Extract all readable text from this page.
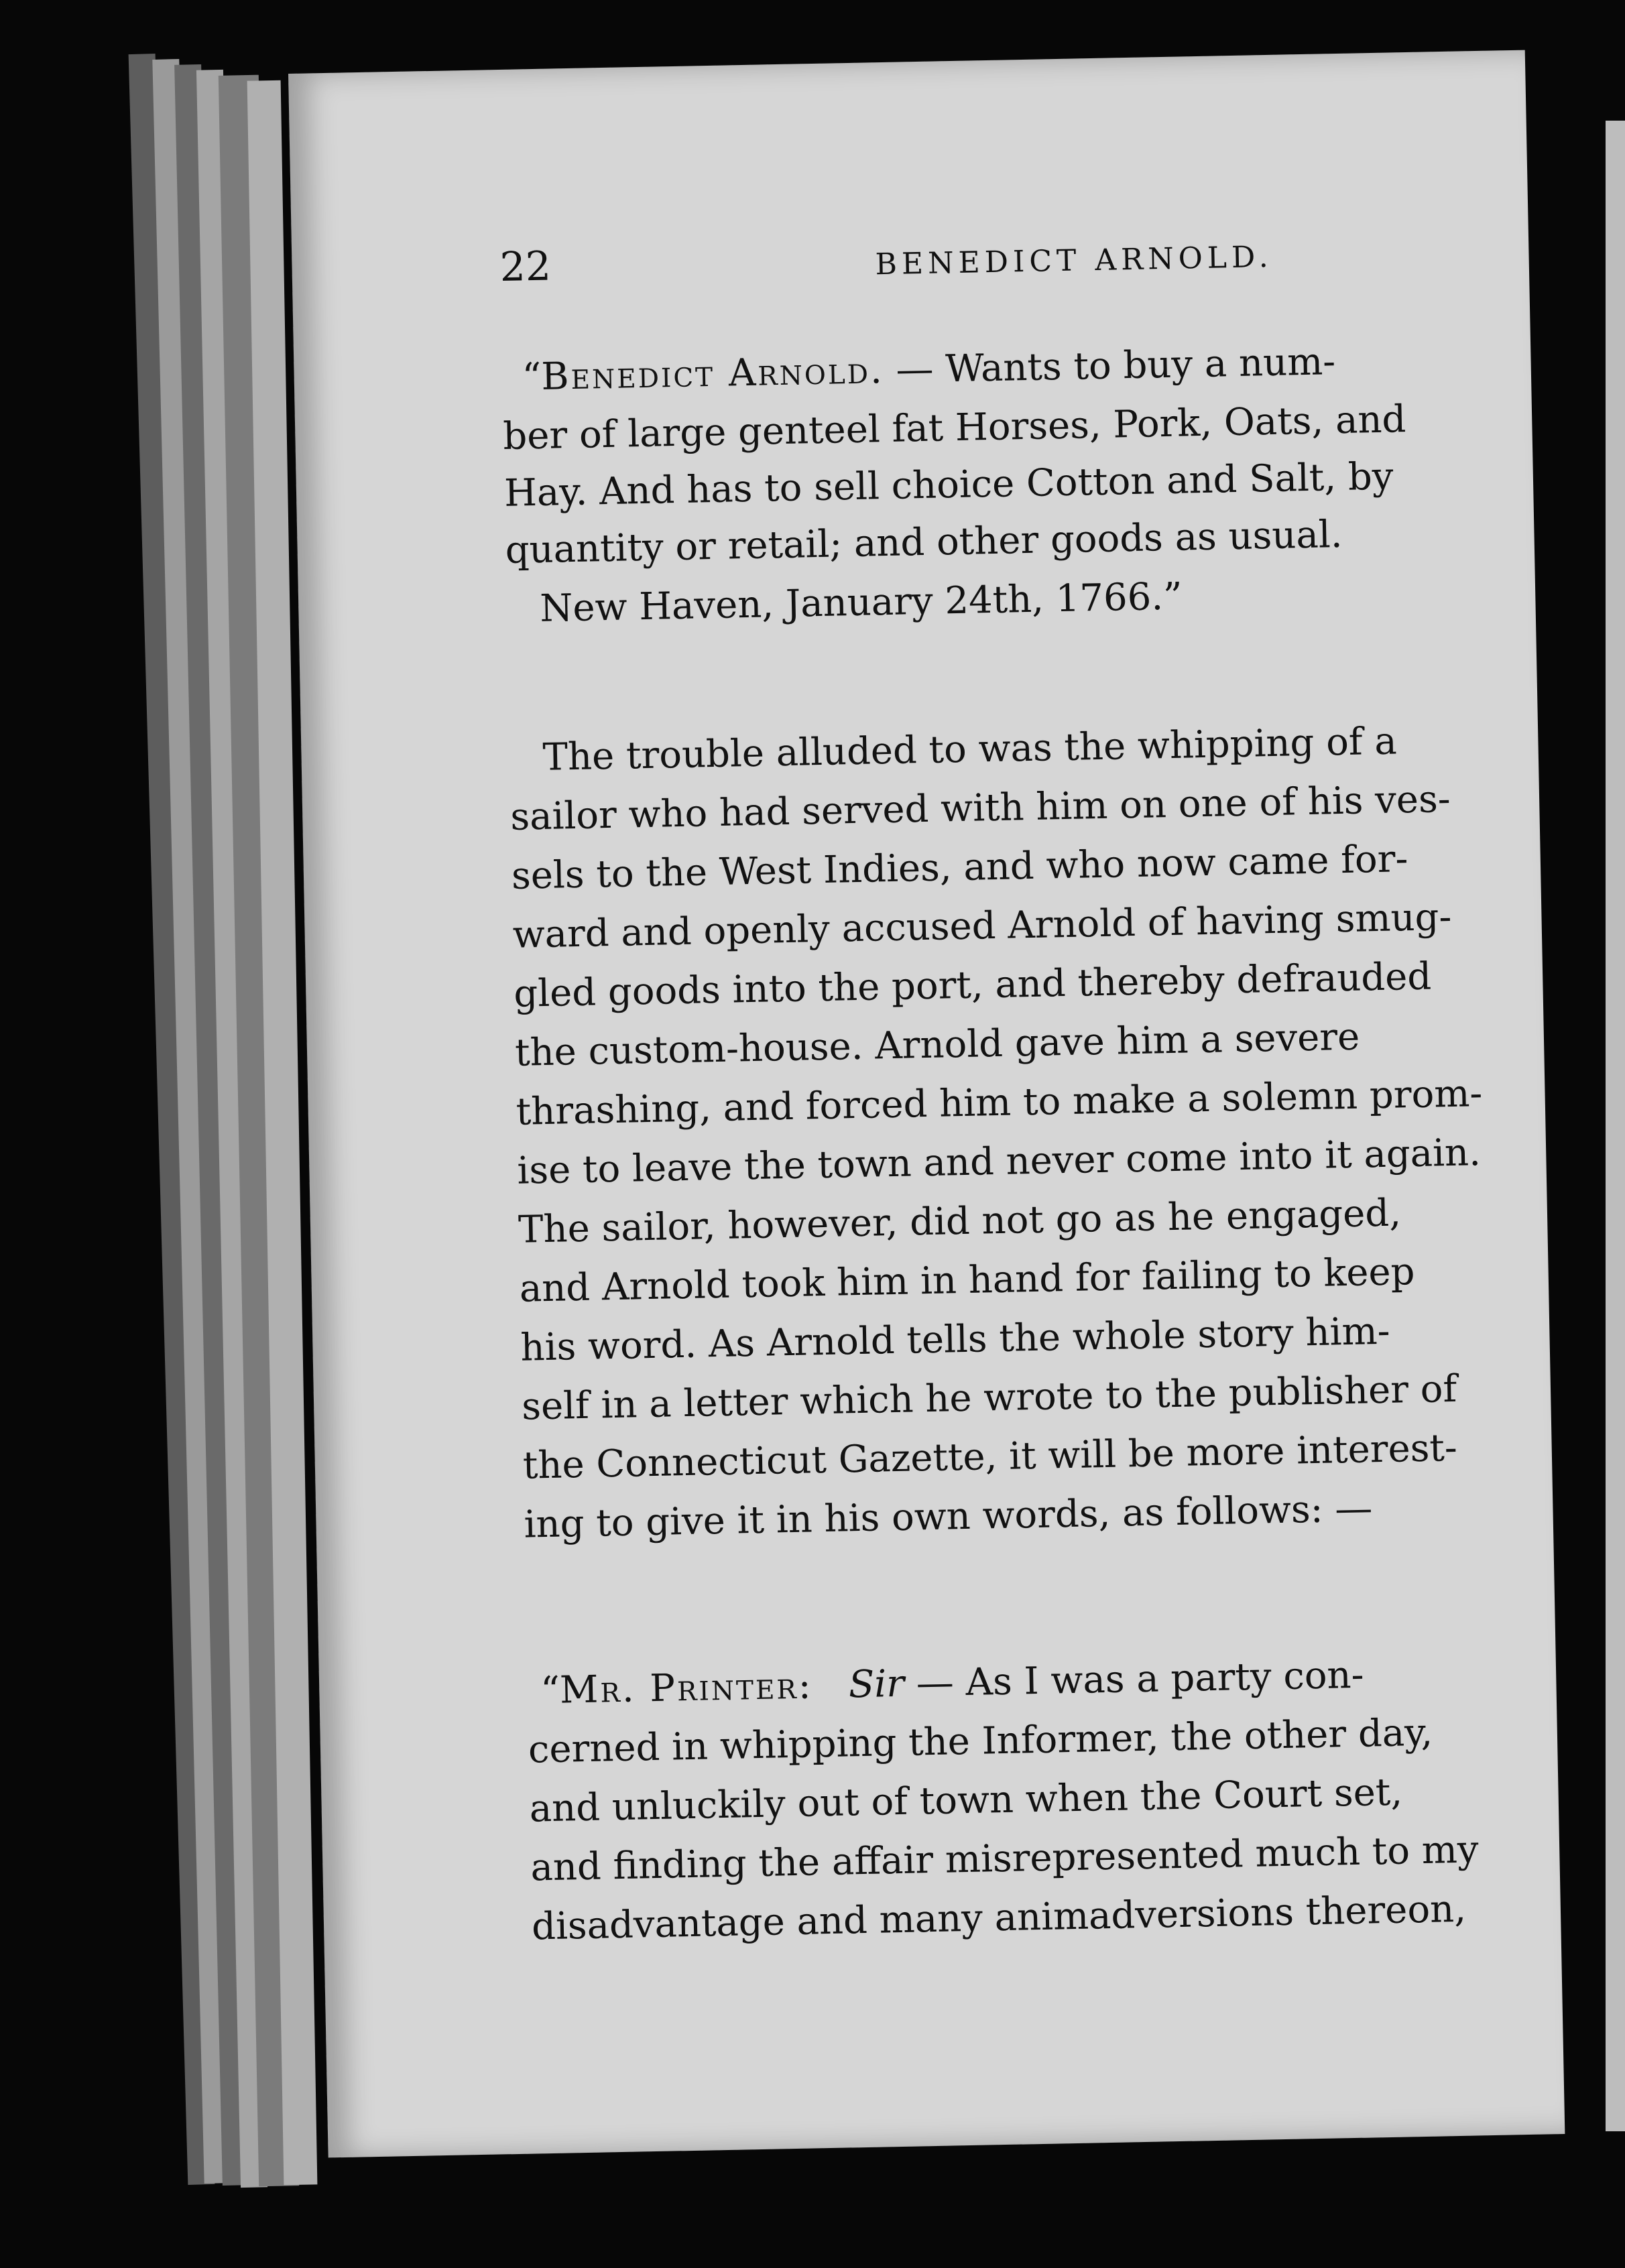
22	BENEDICT ARNOLD.
“Benedict Arnold. — Wants to buy a num-
ber of large genteel fat Horses, Pork, Oats, and
Hay. And has to sell choice Cotton and Salt, by
quantity or retail; and other goods as usual.
New Haven, January 24th, 1766.”
The trouble alluded to was the whipping of a
sailor who had served with him on one of his ves-
sels to the West Indies, and who now came for-
ward and openly accused Arnold of having smug-
gled goods into the port, and thereby defrauded
the custom-house. Arnold gave him a severe
thrashing, and forced him to make a solemn prom-
ise to leave the town and never come into it again.
The sailor, however, did not go as he engaged,
and Arnold took him in hand for failing to keep
his word. As Arnold tells the whole story him-
self in a letter which he wrote to the publisher of
the Connecticut Gazette, it will be more interest-
ing to give it in his own words, as follows: —
“Mr. Printer: Sir — As I was a party con-
cerned in whipping the Informer, the other day,
and unluckily out of town when the Court set,
and finding the affair misrepresented much to my
disadvantage and many animadversions thereon,
